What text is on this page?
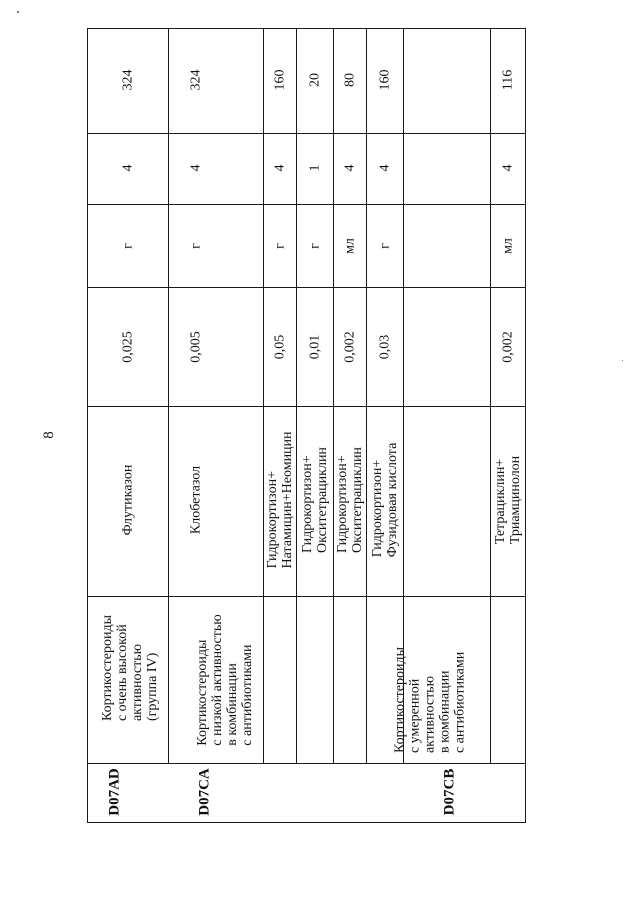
8
D07AD
Кортикостероиды
с очень высокой
активностью
(группа IV)
Флутиказон
0,025
г
4
324
Клобетазол
0,005
г
4
324
D07CA
Кортикостероиды
с низкой активностью
в комбинации
с антибиотиками
Гидрокортизон+
Натамицин+Неомицин
0,05
г
4
160
Гидрокортизон+
Окситетрациклин
0,01
г
1
20
Гидрокортизон+
Окситетрациклин
0,002
мл
4
80
Гидрокортизон+
Фузидовая кислота
0,03
г
4
160
D07CB
Кортикостероиды
с умеренной
активностью
в комбинации
с антибиотиками
Тетрациклин+
Триамцинолон
0,002
мл
4
116
